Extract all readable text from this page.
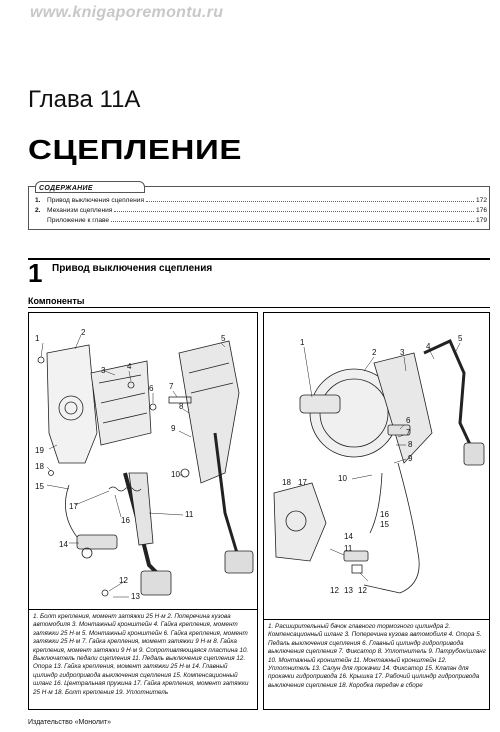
www.knigaporemontu.ru
Глава 11А
СЦЕПЛЕНИЕ
СОДЕРЖАНИЕ
1. Привод выключения сцепления	172
2. Механизм сцепления	176
Приложение к главе	179
1 Привод выключения сцепления
Компоненты
1
2
3	4
5
6 7
8
9
10
11
12
13
14
15
16
17
18
19
1. Болт крепления, момент затяжки 25 Н·м 2. Поперечина кузова автомобиля 3. Монтажный кронштейн 4. Гайка крепления, момент затяжки 25 Н·м 5. Монтажный кронштейн 6. Гайка крепления, момент затяжки 25 Н·м 7. Гайка крепления, момент затяжки 9 Н·м 8. Гайка крепления, момент затяжки 9 Н·м 9. Сопротивляющаяся пластина 10. Выключатель педали сцепления 11. Педаль выключения сцепления 12. Опора 13. Гайка крепления, момент затяжки 25 Н·м 14. Главный цилиндр гидропривода выключения сцепления 15. Компенсационный шланг 16. Центральная пружина 17. Гайка крепления, момент затяжки 25 Н·м 18. Болт крепления 19. Уплотнитель
1
2	3
4
5
6
7
8
9
10
11
12 13 12
14
15
16
17
18
1. Расширительный бачок главного тормозного цилиндра 2. Компенсационный шланг 3. Поперечина кузова автомобиля 4. Опора 5. Педаль выключения сцепления 6. Главный цилиндр гидропривода выключения сцепления 7. Фиксатор 8. Уплотнитель 9. Патрубок/шланг 10. Монтажный кронштейн 11. Монтажный кронштейн 12. Уплотнитель 13. Салун для прокачки 14. Фиксатор 15. Клапан для прокачки гидропривода 16. Крышка 17. Рабочий цилиндр гидропривода выключения сцепления 18. Коробка передач в сборе
Издательство «Монолит»
